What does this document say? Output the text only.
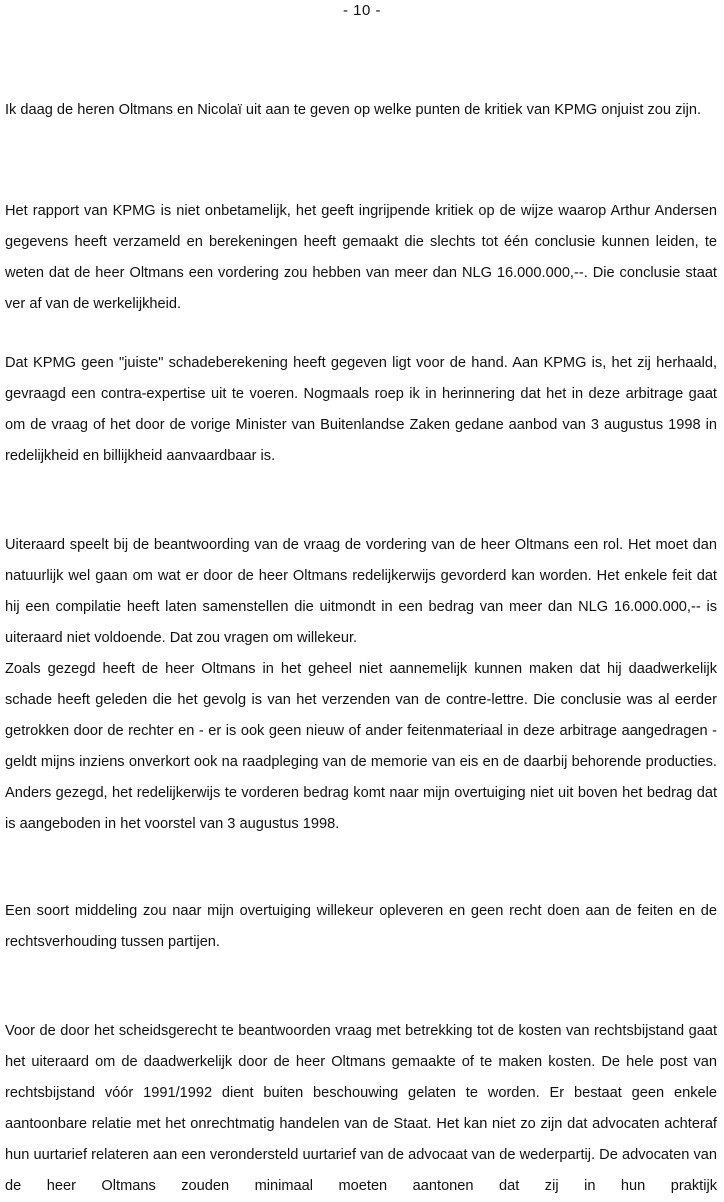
- 10 -

Ik daag de heren Oltmans en Nicolaï uit aan te geven op welke punten de kritiek van KPMG onjuist zou zijn.

Het rapport van KPMG is niet onbetamelijk, het geeft ingrijpende kritiek op de wijze waarop Arthur Andersen gegevens heeft verzameld en berekeningen heeft gemaakt die slechts tot één conclusie kunnen leiden, te weten dat de heer Oltmans een vordering zou hebben van meer dan NLG 16.000.000,--. Die conclusie staat ver af van de werkelijkheid.

Dat KPMG geen "juiste" schadeberekening heeft gegeven ligt voor de hand. Aan KPMG is, het zij herhaald, gevraagd een contra-expertise uit te voeren. Nogmaals roep ik in herinnering dat het in deze arbitrage gaat om de vraag of het door de vorige Minister van Buitenlandse Zaken gedane aanbod van 3 augustus 1998 in redelijkheid en billijkheid aanvaardbaar is.

Uiteraard speelt bij de beantwoording van de vraag de vordering van de heer Oltmans een rol. Het moet dan natuurlijk wel gaan om wat er door de heer Oltmans redelijkerwijs gevorderd kan worden. Het enkele feit dat hij een compilatie heeft laten samenstellen die uitmondt in een bedrag van meer dan NLG 16.000.000,-- is uiteraard niet voldoende. Dat zou vragen om willekeur.

Zoals gezegd heeft de heer Oltmans in het geheel niet aannemelijk kunnen maken dat hij daadwerkelijk schade heeft geleden die het gevolg is van het verzenden van de contre-lettre. Die conclusie was al eerder getrokken door de rechter en - er is ook geen nieuw of ander feitenmateriaal in deze arbitrage aangedragen - geldt mijns inziens onverkort ook na raadpleging van de memorie van eis en de daarbij behorende producties. Anders gezegd, het redelijkerwijs te vorderen bedrag komt naar mijn overtuiging niet uit boven het bedrag dat is aangeboden in het voorstel van 3 augustus 1998.

Een soort middeling zou naar mijn overtuiging willekeur opleveren en geen recht doen aan de feiten en de rechtsverhouding tussen partijen.

Voor de door het scheidsgerecht te beantwoorden vraag met betrekking tot de kosten van rechtsbijstand gaat het uiteraard om de daadwerkelijk door de heer Oltmans gemaakte of te maken kosten. De hele post van rechtsbijstand vóór 1991/1992 dient buiten beschouwing gelaten te worden. Er bestaat geen enkele aantoonbare relatie met het onrechtmatig handelen van de Staat. Het kan niet zo zijn dat advocaten achteraf hun uurtarief relateren aan een verondersteld uurtarief van de advocaat van de wederpartij. De advocaten van de heer Oltmans zouden minimaal moeten aantonen dat zij in hun praktijk
